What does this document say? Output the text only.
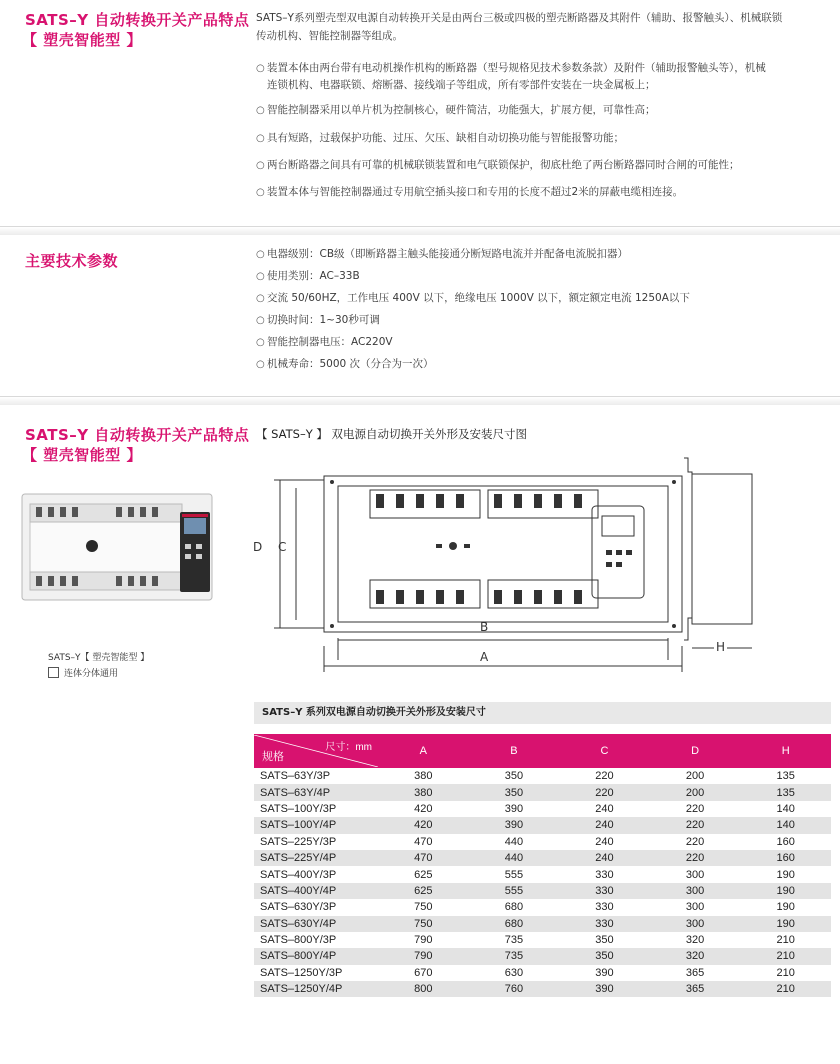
SATS–Y 自动转换开关产品特点
【 塑壳智能型 】
SATS–Y系列塑壳型双电源自动转换开关是由两台三极或四极的塑壳断路器及其附件（辅助、报警触头）、机械联锁
传动机构、智能控制器等组成。
○ 装置本体由两台带有电动机操作机构的断路器（型号规格见技术参数条款）及附件（辅助报警触头等），机械
连锁机构、电器联锁、熔断器、接线端子等组成，所有零部件安装在一块金属板上；
○ 智能控制器采用以单片机为控制核心，硬件简洁，功能强大，扩展方便，可靠性高；
○ 具有短路，过载保护功能、过压、欠压、缺相自动切换功能与智能报警功能；
○ 两台断路器之间具有可靠的机械联锁装置和电气联锁保护，彻底杜绝了两台断路器同时合闸的可能性；
○ 装置本体与智能控制器通过专用航空插头接口和专用的长度不超过2米的屏蔽电缆相连接。
主要技术参数	○ 电器级别：CB级（即断路器主触头能接通分断短路电流并并配备电流脱扣器）
○ 使用类别：AC–33B
○ 交流 50/60HZ，工作电压 400V 以下，绝缘电压 1000V 以下，额定额定电流 1250A以下
○ 切换时间：1~30秒可调
○ 智能控制器电压：AC220V
○ 机械寿命：5000 次（分合为一次）
SATS–Y 自动转换开关产品特点
【 塑壳智能型 】
【 SATS–Y 】 双电源自动切换开关外形及安装尺寸图
SATS–Y【 塑壳智能型 】
连体分体通用
D C
B
A
H
SATS–Y 系列双电源自动切换开关外形及安装尺寸
尺寸：mm
规格	A	B	C	D	H
SATS–63Y/3P	380	350	220	200	135
SATS–63Y/4P	380	350	220	200	135
SATS–100Y/3P	420	390	240	220	140
SATS–100Y/4P	420	390	240	220	140
SATS–225Y/3P	470	440	240	220	160
SATS–225Y/4P	470	440	240	220	160
SATS–400Y/3P	625	555	330	300	190
SATS–400Y/4P	625	555	330	300	190
SATS–630Y/3P	750	680	330	300	190
SATS–630Y/4P	750	680	330	300	190
SATS–800Y/3P	790	735	350	320	210
SATS–800Y/4P	790	735	350	320	210
SATS–1250Y/3P	670	630	390	365	210
SATS–1250Y/4P	800	760	390	365	210
